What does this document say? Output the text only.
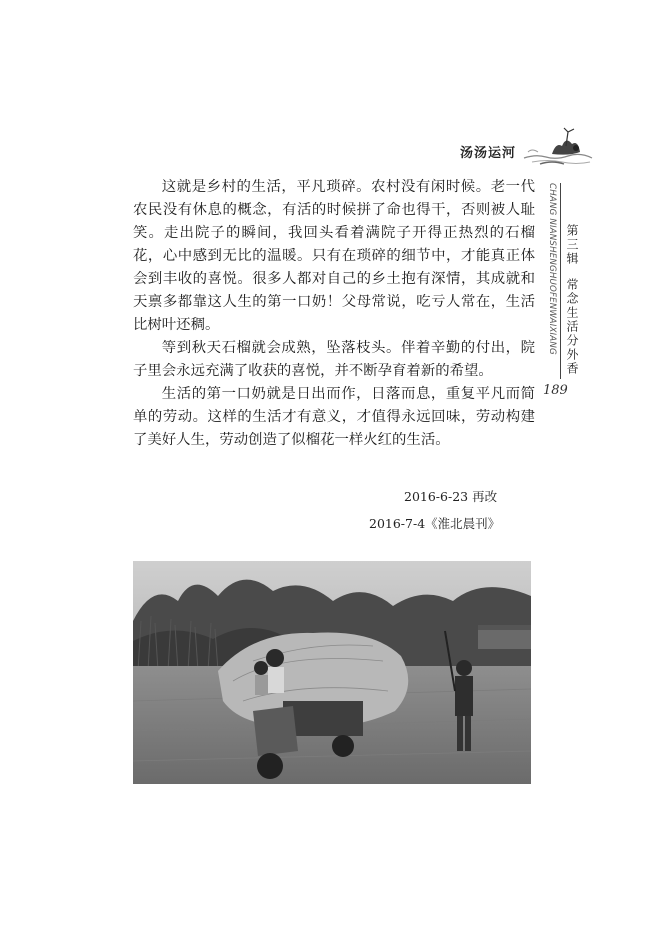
汤汤运河

这就是乡村的生活，平凡琐碎。农村没有闲时候。老一代农民没有休息的概念，有活的时候拼了命也得干，否则被人耻笑。走出院子的瞬间，我回头看着满院子开得正热烈的石榴花，心中感到无比的温暖。只有在琐碎的细节中，才能真正体会到丰收的喜悦。很多人都对自己的乡土抱有深情，其成就和天禀多都靠这人生的第一口奶！父母常说，吃亏人常在，生活比树叶还稠。

等到秋天石榴就会成熟，坠落枝头。伴着辛勤的付出，院子里会永远充满了收获的喜悦，并不断孕育着新的希望。

生活的第一口奶就是日出而作，日落而息，重复平凡而简单的劳动。这样的生活才有意义，才值得永远回味，劳动构建了美好人生，劳动创造了似榴花一样火红的生活。

CHANG NIANSHENGHUOFENWAIXIANG 第三辑常念生活分外香
189
2016-6-23 再改
2016-7-4《淮北晨刊》
